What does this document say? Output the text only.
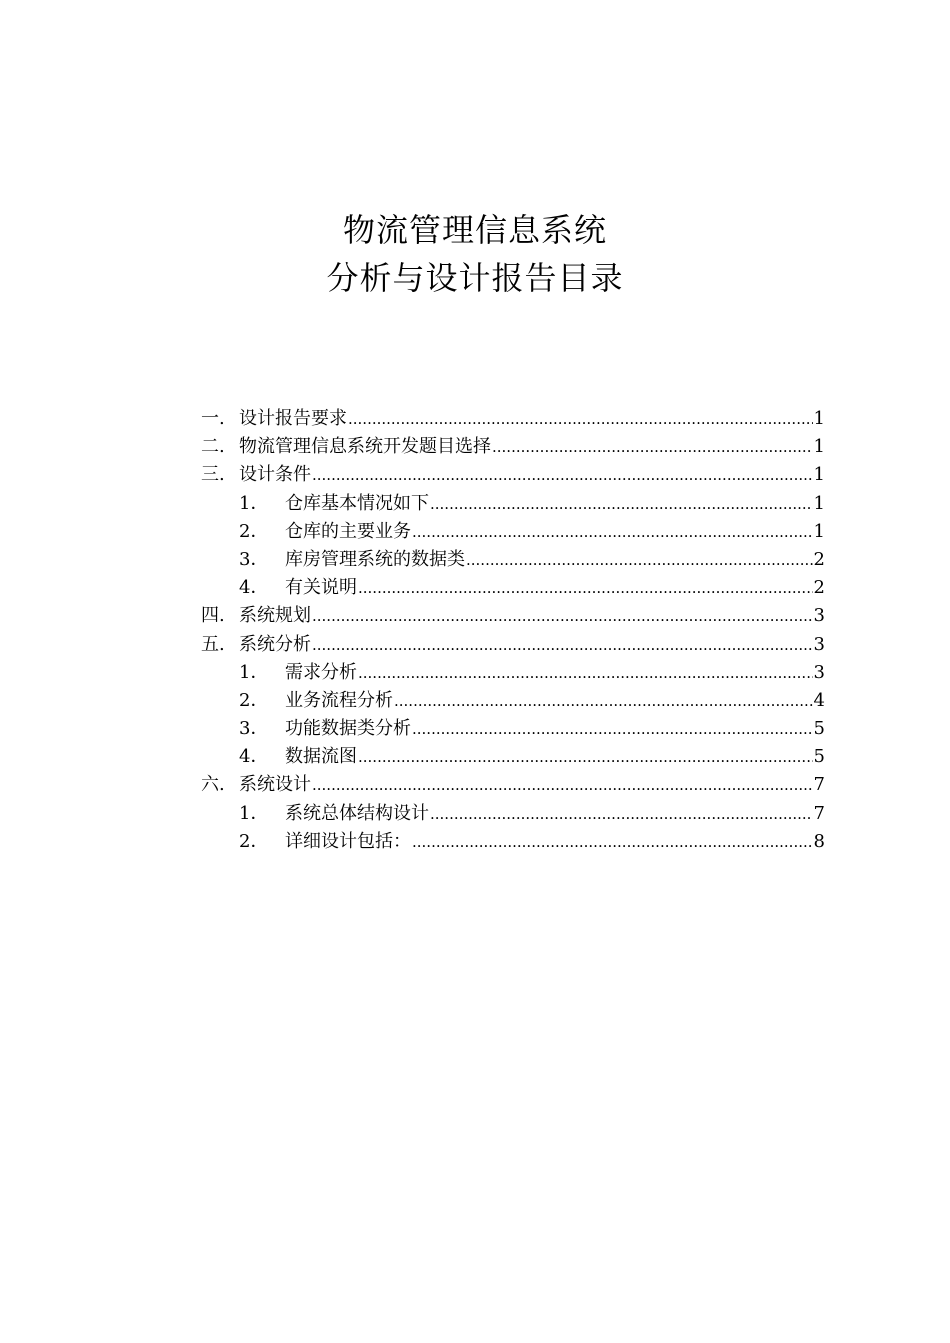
物流管理信息系统
分析与设计报告目录
一. 设计报告要求 .....	1
二. 物流管理信息系统开发题目选择 .....	1
三. 设计条件 .....	1
1． 仓库基本情况如下 .....	1
2． 仓库的主要业务 .....	1
3． 库房管理系统的数据类 .....	2
4． 有关说明 .....	2
四. 系统规划 .....	3
五. 系统分析 .....	3
1． 需求分析 .....	3
2． 业务流程分析 .....	4
3． 功能数据类分析 .....	5
4． 数据流图 .....	5
六. 系统设计 .....	7
1． 系统总体结构设计 .....	7
2． 详细设计包括： .....	8
